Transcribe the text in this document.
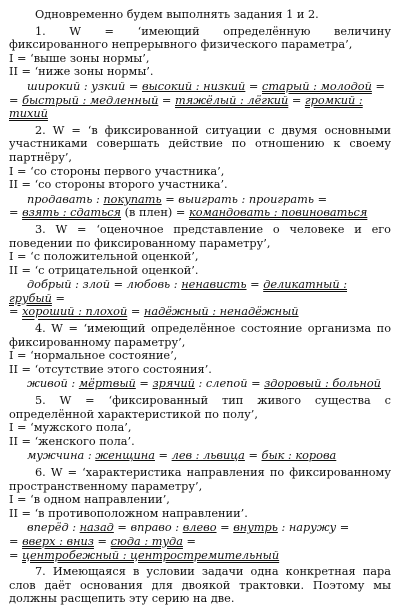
Одновременно будем выполнять задания 1 и 2.

1. W = ‘имеющий определённую величину фиксированного непрерывного физического параметра’,

I = ‘выше зоны нормы’,

II = ‘ниже зоны нормы’.

широкий : узкий = высокий : низкий = старый : молодой =

= быстрый : медленный = тяжёлый : лёгкий = громкий : тихий

2. W = ‘в фиксированной ситуации с двумя основными участниками совершать действие по отношению к своему партнёру’,

I = ‘со стороны первого участника’,

II = ‘со стороны второго участника’.

продавать : покупать = выиграть : проиграть =

= взять : сдаться (в плен) = командовать : повиноваться

3. W = ‘оценочное представление о человеке и его поведении по фиксированному параметру’,

I = ‘с положительной оценкой’,

II = ‘с отрицательной оценкой’.

добрый : злой = любовь : ненависть = деликатный : грубый =

= хороший : плохой = надёжный : ненадёжный

4. W = ‘имеющий определённое состояние организма по фиксированному параметру’,

I = ‘нормальное состояние’,

II = ‘отсутствие этого состояния’.

живой : мёртвый = зрячий : слепой = здоровый : больной

5. W = ‘фиксированный тип живого существа с определённой характеристикой по полу’,

I = ‘мужского пола’,

II = ‘женского пола’.

мужчина : женщина = лев : львица = бык : корова

6. W = ‘характеристика направления по фиксированному пространственному параметру’,

I = ‘в одном направлении’,

II = ‘в противоположном направлении’.

вперёд : назад = вправо : влево = внутрь : наружу =

= вверх : вниз = сюда : туда =

= центробежный : центростремительный

7. Имеющаяся в условии задачи одна конкретная пара слов даёт основания для двоякой трактовки. Поэтому мы должны расщепить эту серию на две.
